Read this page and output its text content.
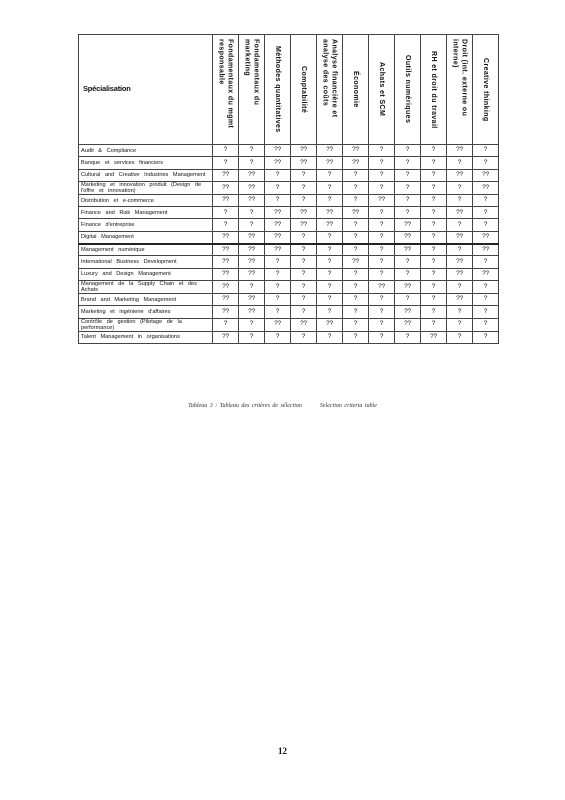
Spécialisation	Fondamentaux du mgmt responsable	Fondamentaux du marketing	Méthodes quantitatives	Comptabilité	Analyse financière et analyse des coûts	Économie	Achats et SCM	Outils numériques	RH et droit du travail	Droit (int. externe ou interne)	Creative thinking

Audit & Compliance	?	?	??	??	??	??	?	?	?	??	?
Banque et services financiers	?	?	??	??	??	??	?	?	?	?	?
Cultural and Creative Industries Management	??	??	?	?	?	?	?	?	?	??	??
Marketing et innovation produit (Design de l'offre et innovation)	??	??	?	?	?	?	?	?	?	?	??
Distribution et e-commerce	??	??	?	?	?	?	??	?	?	?	?
Finance and Risk Management	?	?	??	??	??	??	?	?	?	??	?
Finance d'entreprise	?	?	??	??	??	?	?	??	?	?	?
Digital Management	??	??	??	?	?	?	?	??	?	??	??
Management numérique	??	??	??	?	?	?	?	??	?	?	??
International Business Development	??	??	?	?	?	??	?	?	?	??	?
Luxury and Design Management	??	??	?	?	?	?	?	?	?	??	??
Management de la Supply Chain et des Achats	??	?	?	?	?	?	??	??	?	?	?
Brand and Marketing Management	??	??	?	?	?	?	?	?	?	??	?
Marketing et ingénierie d'affaires	??	??	?	?	?	?	?	??	?	?	?
Contrôle de gestion (Pilotage de la performance)	?	?	??	??	??	?	?	??	?	?	?
Talent Management in organisations	??	?	?	?	?	?	?	?	??	?	?
Tableau 3 : Tableau des critères de sélection	Selection criteria table
12
